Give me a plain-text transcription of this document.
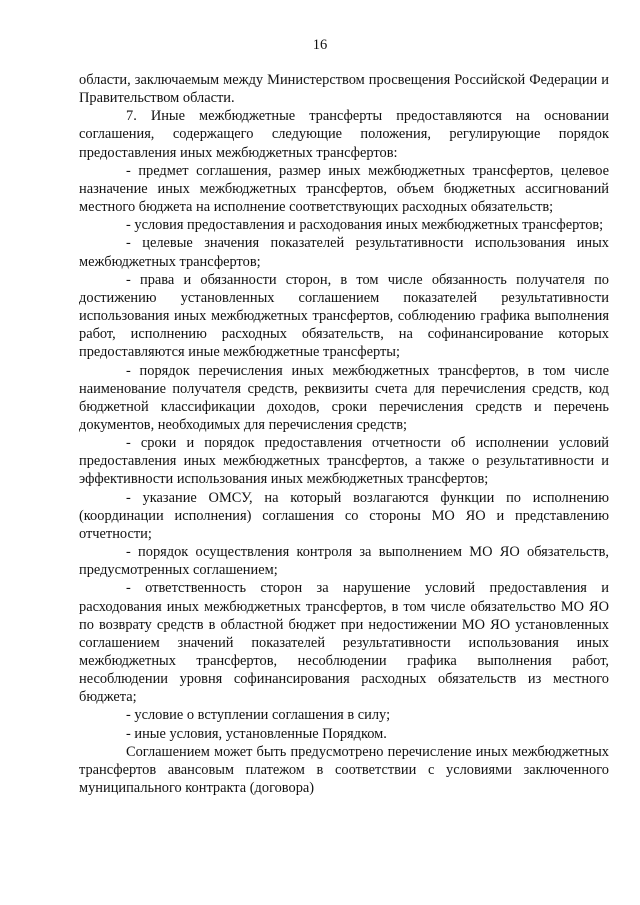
16

области, заключаемым между Министерством просвещения Российской Федерации и Правительством области.

7. Иные межбюджетные трансферты предоставляются на основании соглашения, содержащего следующие положения, регулирующие порядок предоставления иных межбюджетных трансфертов:

- предмет соглашения, размер иных межбюджетных трансфертов, целевое назначение иных межбюджетных трансфертов, объем бюджетных ассигнований местного бюджета на исполнение соответствующих расходных обязательств;

- условия предоставления и расходования иных межбюджетных трансфертов;

- целевые значения показателей результативности использования иных межбюджетных трансфертов;

- права и обязанности сторон, в том числе обязанность получателя по достижению установленных соглашением показателей результативности использования иных межбюджетных трансфертов, соблюдению графика выполнения работ, исполнению расходных обязательств, на софинансирование которых предоставляются иные межбюджетные трансферты;

- порядок перечисления иных межбюджетных трансфертов, в том числе наименование получателя средств, реквизиты счета для перечисления средств, код бюджетной классификации доходов, сроки перечисления средств и перечень документов, необходимых для перечисления средств;

- сроки и порядок предоставления отчетности об исполнении условий предоставления иных межбюджетных трансфертов, а также о результативности и эффективности использования иных межбюджетных трансфертов;

- указание ОМСУ, на который возлагаются функции по исполнению (координации исполнения) соглашения со стороны МО ЯО и представлению отчетности;

- порядок осуществления контроля за выполнением МО ЯО обязательств, предусмотренных соглашением;

- ответственность сторон за нарушение условий предоставления и расходования иных межбюджетных трансфертов, в том числе обязательство МО ЯО по возврату средств в областной бюджет при недостижении МО ЯО установленных соглашением значений показателей результативности использования иных межбюджетных трансфертов, несоблюдении графика выполнения работ, несоблюдении уровня софинансирования расходных обязательств из местного бюджета;

- условие о вступлении соглашения в силу;

- иные условия, установленные Порядком.

Соглашением может быть предусмотрено перечисление иных межбюджетных трансфертов авансовым платежом в соответствии с условиями заключенного муниципального контракта (договора)
